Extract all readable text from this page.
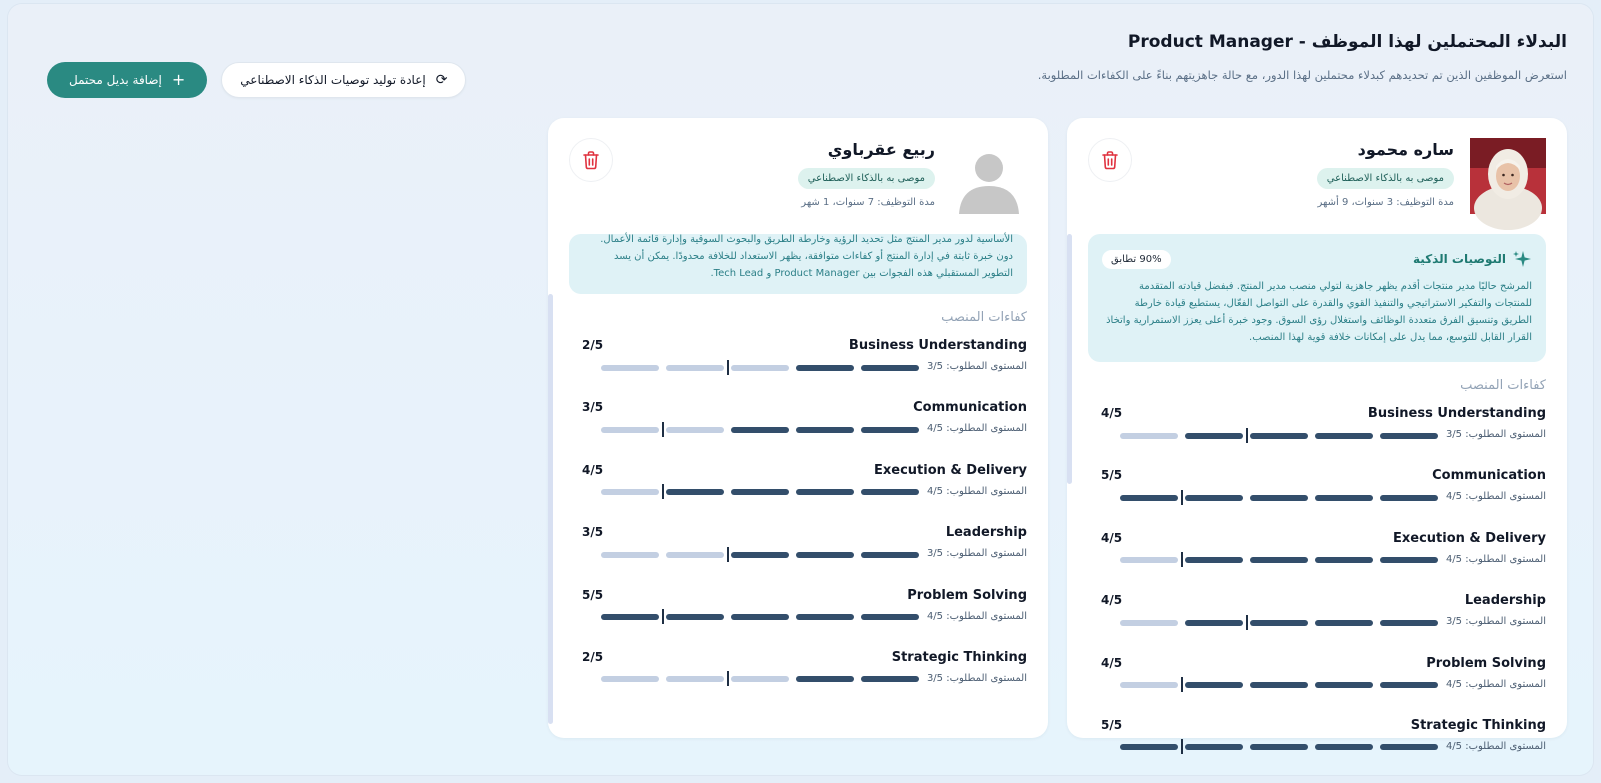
البدلاء المحتملين لهذا الموظف - Product Manager
استعرض الموظفين الذين تم تحديدهم كبدلاء محتملين لهذا الدور، مع حالة جاهزيتهم بناءً على الكفاءات المطلوبة.
⟳
إعادة توليد توصيات الذكاء الاصطناعي
+
إضافة بديل محتمل
ساره محمود
موصى به بالذكاء الاصطناعي
مدة التوظيف: 3 سنوات، 9 أشهر
التوصيات الذكية
90% تطابق
المرشح حاليًا مدير منتجات أقدم يظهر جاهزية لتولي منصب مدير المنتج. فبفضل قيادته المتقدمة للمنتجات والتفكير الاستراتيجي والتنفيذ القوي والقدرة على التواصل الفعّال، يستطيع قيادة خارطة الطريق وتنسيق الفرق متعددة الوظائف واستغلال رؤى السوق. وجود خبرة أعلى يعزز الاستمرارية واتخاذ القرار القابل للتوسع، مما يدل على إمكانات خلافة قوية لهذا المنصب.
كفاءات المنصب
Business Understanding
4/5
المستوى المطلوب: 3/5
Communication
5/5
المستوى المطلوب: 4/5
Execution & Delivery
4/5
المستوى المطلوب: 4/5
Leadership
4/5
المستوى المطلوب: 3/5
Problem Solving
4/5
المستوى المطلوب: 4/5
Strategic Thinking
5/5
المستوى المطلوب: 4/5
ربيع عقرباوي
موصى به بالذكاء الاصطناعي
مدة التوظيف: 7 سنوات، 1 شهر
الأساسية لدور مدير المنتج مثل تحديد الرؤية وخارطة الطريق والبحوث السوقية وإدارة قائمة الأعمال. دون خبرة ثابتة في إدارة المنتج أو كفاءات متوافقة، يظهر الاستعداد للخلافة محدودًا. يمكن أن يسد التطوير المستقبلي هذه الفجوات بين Product Manager و Tech Lead.
كفاءات المنصب
Business Understanding
2/5
المستوى المطلوب: 3/5
Communication
3/5
المستوى المطلوب: 4/5
Execution & Delivery
4/5
المستوى المطلوب: 4/5
Leadership
3/5
المستوى المطلوب: 3/5
Problem Solving
5/5
المستوى المطلوب: 4/5
Strategic Thinking
2/5
المستوى المطلوب: 3/5
